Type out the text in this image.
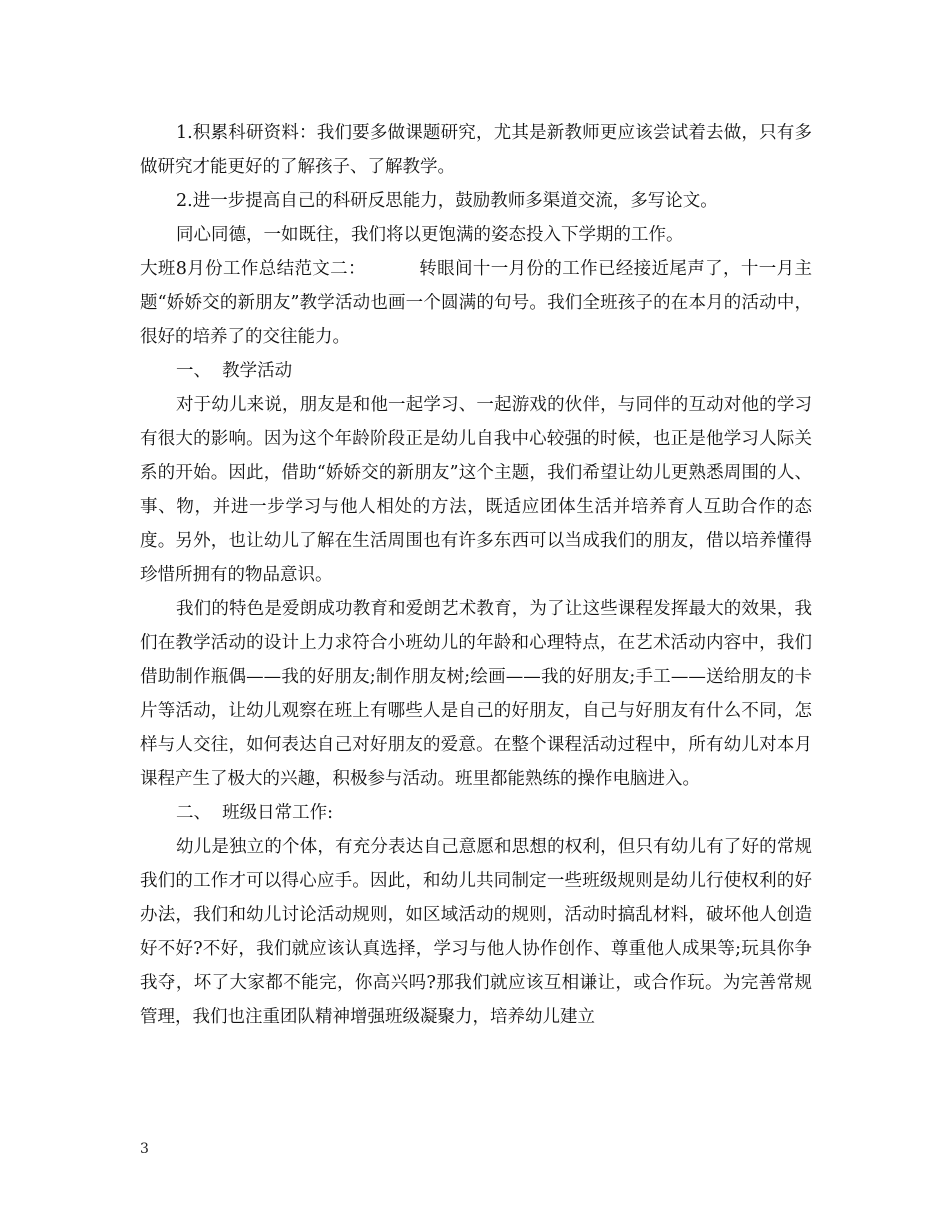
1.积累科研资料：我们要多做课题研究，尤其是新教师更应该尝试着去做，只有多做研究才能更好的了解孩子、了解教学。

2.进一步提高自己的科研反思能力，鼓励教师多渠道交流，多写论文。

同心同德，一如既往，我们将以更饱满的姿态投入下学期的工作。

大班8月份工作总结范文二：         转眼间十一月份的工作已经接近尾声了，十一月主题“娇娇交的新朋友”教学活动也画一个圆满的句号。我们全班孩子的在本月的活动中，很好的培养了的交往能力。

一、  教学活动

对于幼儿来说，朋友是和他一起学习、一起游戏的伙伴，与同伴的互动对他的学习有很大的影响。因为这个年龄阶段正是幼儿自我中心较强的时候，也正是他学习人际关系的开始。因此，借助“娇娇交的新朋友”这个主题，我们希望让幼儿更熟悉周围的人、事、物，并进一步学习与他人相处的方法，既适应团体生活并培养育人互助合作的态度。另外，也让幼儿了解在生活周围也有许多东西可以当成我们的朋友，借以培养懂得珍惜所拥有的物品意识。

我们的特色是爱朗成功教育和爱朗艺术教育，为了让这些课程发挥最大的效果，我们在教学活动的设计上力求符合小班幼儿的年龄和心理特点，在艺术活动内容中，我们借助制作瓶偶——我的好朋友;制作朋友树;绘画——我的好朋友;手工——送给朋友的卡片等活动，让幼儿观察在班上有哪些人是自己的好朋友，自己与好朋友有什么不同，怎样与人交往，如何表达自己对好朋友的爱意。在整个课程活动过程中，所有幼儿对本月课程产生了极大的兴趣，积极参与活动。班里都能熟练的操作电脑进入。

二、  班级日常工作:

幼儿是独立的个体，有充分表达自己意愿和思想的权利，但只有幼儿有了好的常规我们的工作才可以得心应手。因此，和幼儿共同制定一些班级规则是幼儿行使权利的好办法，我们和幼儿讨论活动规则，如区域活动的规则，活动时搞乱材料，破坏他人创造好不好?不好，我们就应该认真选择，学习与他人协作创作、尊重他人成果等;玩具你争我夺，坏了大家都不能完，你高兴吗?那我们就应该互相谦让，或合作玩。为完善常规管理，我们也注重团队精神增强班级凝聚力，培养幼儿建立

3
